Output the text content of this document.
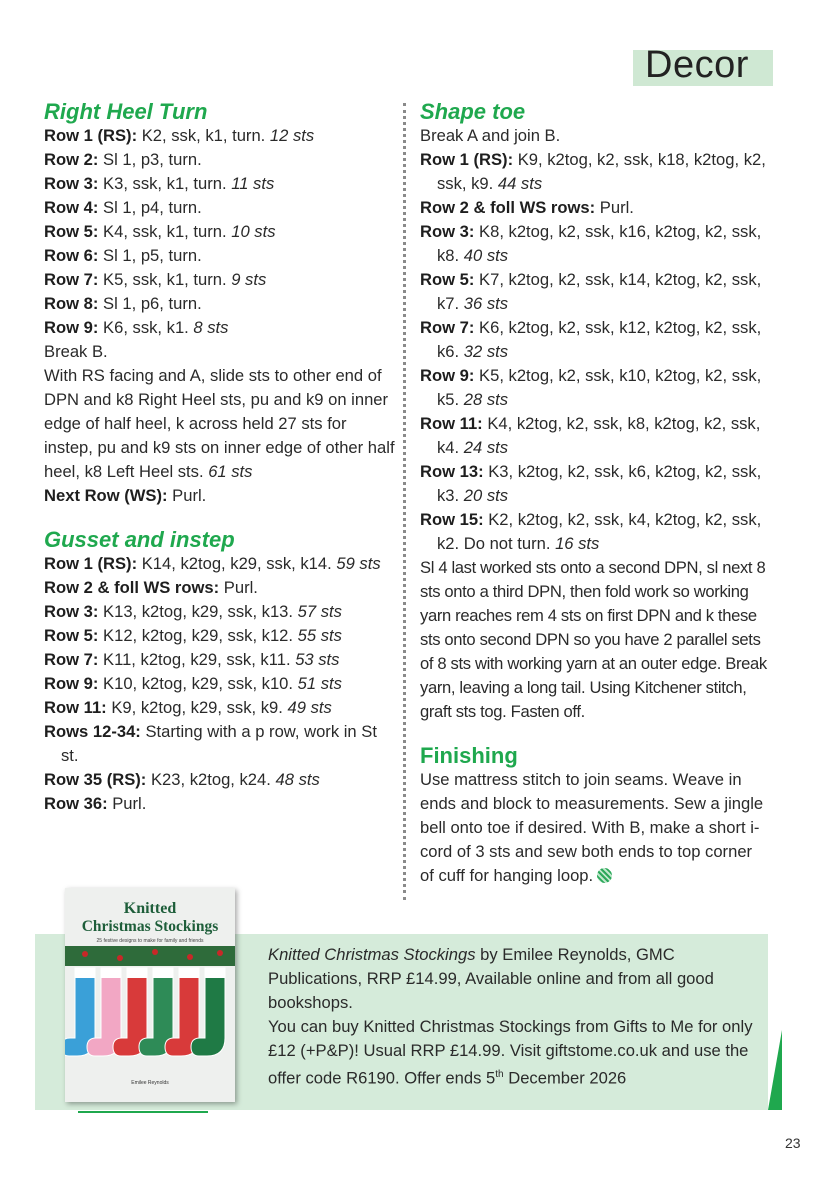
Decor
Right Heel Turn

Row 1 (RS): K2, ssk, k1, turn. 12 sts

Row 2: Sl 1, p3, turn.

Row 3: K3, ssk, k1, turn. 11 sts

Row 4: Sl 1, p4, turn.

Row 5: K4, ssk, k1, turn. 10 sts

Row 6: Sl 1, p5, turn.

Row 7: K5, ssk, k1, turn. 9 sts

Row 8: Sl 1, p6, turn.

Row 9: K6, ssk, k1. 8 sts

Break B.

With RS facing and A, slide sts to other end of DPN and k8 Right Heel sts, pu and k9 on inner edge of half heel, k across held 27 sts for instep, pu and k9 sts on inner edge of other half heel, k8 Left Heel sts. 61 sts

Next Row (WS): Purl.

Gusset and instep

Row 1 (RS): K14, k2tog, k29, ssk, k14. 59 sts

Row 2 & foll WS rows: Purl.

Row 3: K13, k2tog, k29, ssk, k13. 57 sts

Row 5: K12, k2tog, k29, ssk, k12. 55 sts

Row 7: K11, k2tog, k29, ssk, k11. 53 sts

Row 9: K10, k2tog, k29, ssk, k10. 51 sts

Row 11: K9, k2tog, k29, ssk, k9. 49 sts

Rows 12-34: Starting with a p row, work in St st.

Row 35 (RS): K23, k2tog, k24. 48 sts

Row 36: Purl.

Shape toe

Break A and join B.

Row 1 (RS): K9, k2tog, k2, ssk, k18, k2tog, k2, ssk, k9. 44 sts

Row 2 & foll WS rows: Purl.

Row 3: K8, k2tog, k2, ssk, k16, k2tog, k2, ssk, k8. 40 sts

Row 5: K7, k2tog, k2, ssk, k14, k2tog, k2, ssk, k7. 36 sts

Row 7: K6, k2tog, k2, ssk, k12, k2tog, k2, ssk, k6. 32 sts

Row 9: K5, k2tog, k2, ssk, k10, k2tog, k2, ssk, k5. 28 sts

Row 11: K4, k2tog, k2, ssk, k8, k2tog, k2, ssk, k4. 24 sts

Row 13: K3, k2tog, k2, ssk, k6, k2tog, k2, ssk, k3. 20 sts

Row 15: K2, k2tog, k2, ssk, k4, k2tog, k2, ssk, k2. Do not turn. 16 sts

Sl 4 last worked sts onto a second DPN, sl next 8 sts onto a third DPN, then fold work so working yarn reaches rem 4 sts on first DPN and k these sts onto second DPN so you have 2 parallel sets of 8 sts with working yarn at an outer edge. Break yarn, leaving a long tail. Using Kitchener stitch, graft sts tog. Fasten off.

Finishing

Use mattress stitch to join seams. Weave in ends and block to measurements. Sew a jingle bell onto toe if desired. With B, make a short i-cord of 3 sts and sew both ends to top corner of cuff for hanging loop.

Knitted
Christmas Stockings
25 festive designs to make for family and friends
Emilee Reynolds

Knitted Christmas Stockings by Emilee Reynolds, GMC Publications, RRP £14.99, Available online and from all good bookshops.

You can buy Knitted Christmas Stockings from Gifts to Me for only £12 (+P&P)! Usual RRP £14.99. Visit giftstome.co.uk and use the offer code R6190. Offer ends 5th December 2026

23
